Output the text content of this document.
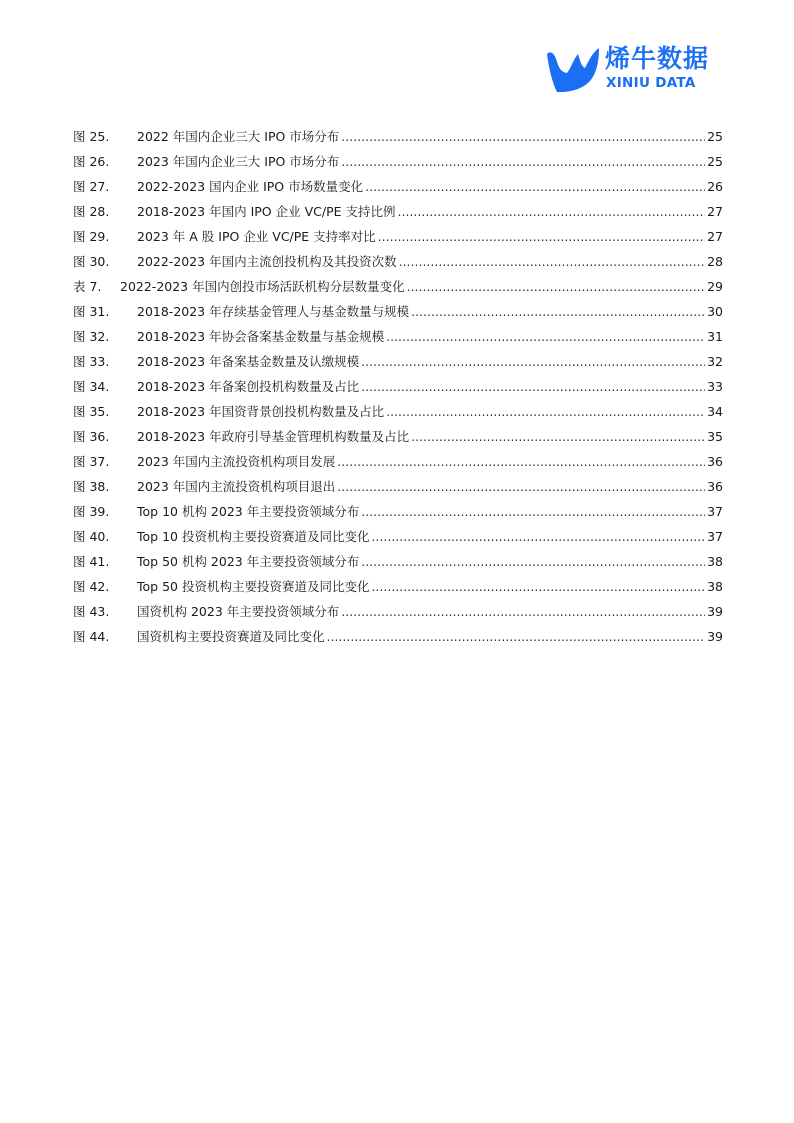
烯牛数据
XINIU DATA
图 25.	2022 年国内企业三大 IPO 市场分布 .....	25
图 26.	2023 年国内企业三大 IPO 市场分布 .....	25
图 27.	2022-2023 国内企业 IPO 市场数量变化 .....	26
图 28.	2018-2023 年国内 IPO 企业 VC/PE 支持比例 .....	27
图 29.	2023 年 A 股 IPO 企业 VC/PE 支持率对比 .....	27
图 30.	2022-2023 年国内主流创投机构及其投资次数 .....	28
表 7.	2022-2023 年国内创投市场活跃机构分层数量变化 .....	29
图 31.	2018-2023 年存续基金管理人与基金数量与规模 .....	30
图 32.	2018-2023 年协会备案基金数量与基金规模 .....	31
图 33.	2018-2023 年备案基金数量及认缴规模 .....	32
图 34.	2018-2023 年备案创投机构数量及占比 .....	33
图 35.	2018-2023 年国资背景创投机构数量及占比 .....	34
图 36.	2018-2023 年政府引导基金管理机构数量及占比 .....	35
图 37.	2023 年国内主流投资机构项目发展 .....	36
图 38.	2023 年国内主流投资机构项目退出 .....	36
图 39.	Top 10 机构 2023 年主要投资领域分布 .....	37
图 40.	Top 10 投资机构主要投资赛道及同比变化 .....	37
图 41.	Top 50 机构 2023 年主要投资领域分布 .....	38
图 42.	Top 50 投资机构主要投资赛道及同比变化 .....	38
图 43.	国资机构 2023 年主要投资领域分布 .....	39
图 44.	国资机构主要投资赛道及同比变化 .....	39
